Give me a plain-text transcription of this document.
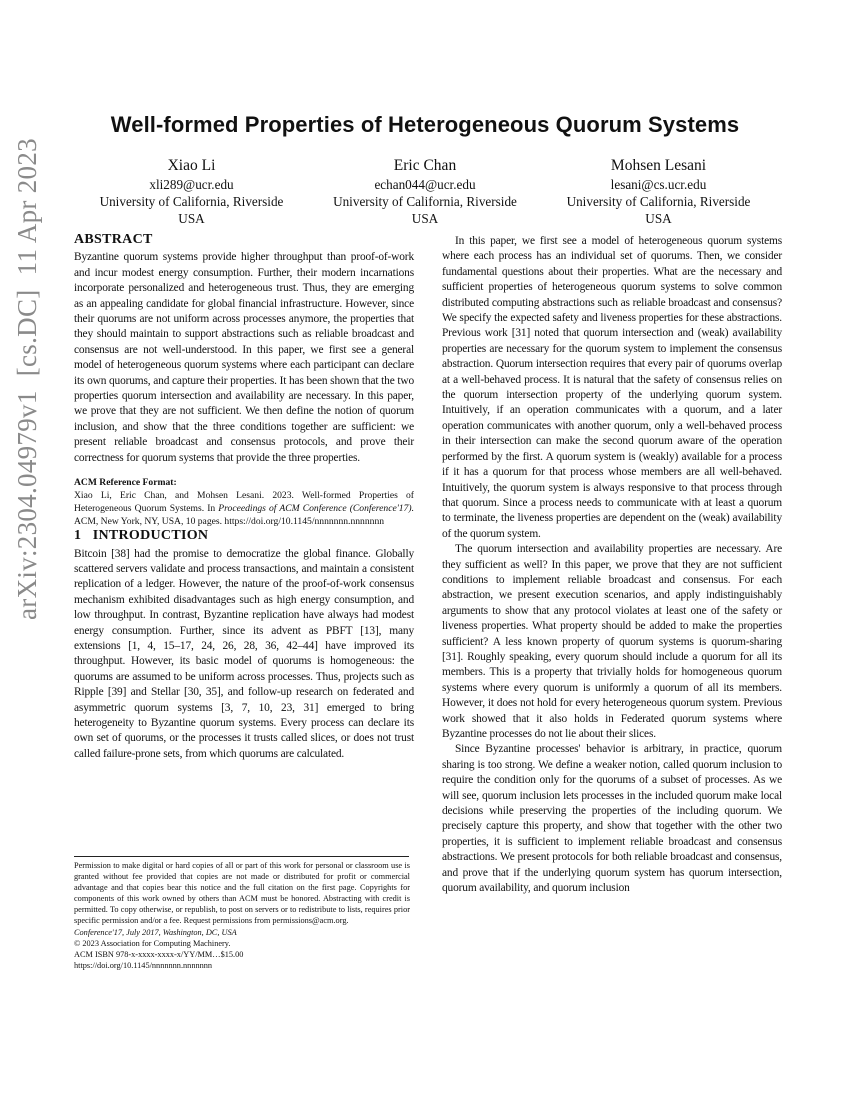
arXiv:2304.04979v1  [cs.DC]  11 Apr 2023
Well-formed Properties of Heterogeneous Quorum Systems
Xiao Li
xli289@ucr.edu
University of California, Riverside
USA
Eric Chan
echan044@ucr.edu
University of California, Riverside
USA
Mohsen Lesani
lesani@cs.ucr.edu
University of California, Riverside
USA
ABSTRACT

Byzantine quorum systems provide higher throughput than proof-of-work and incur modest energy consumption. Further, their modern incarnations incorporate personalized and heterogeneous trust. Thus, they are emerging as an appealing candidate for global financial infrastructure. However, since their quorums are not uniform across processes anymore, the properties that they should maintain to support abstractions such as reliable broadcast and consensus are not well-understood. In this paper, we first see a general model of heterogeneous quorum systems where each participant can declare its own quorums, and capture their properties. It has been shown that the two properties quorum intersection and availability are necessary. In this paper, we prove that they are not sufficient. We then define the notion of quorum inclusion, and show that the three conditions together are sufficient: we present reliable broadcast and consensus protocols, and prove their correctness for quorum systems that provide the three properties.

ACM Reference Format:
Xiao Li, Eric Chan, and Mohsen Lesani. 2023. Well-formed Properties of Heterogeneous Quorum Systems. In Proceedings of ACM Conference (Conference'17). ACM, New York, NY, USA, 10 pages. https://doi.org/10.1145/nnnnnnn.nnnnnnn
1 INTRODUCTION

Bitcoin [38] had the promise to democratize the global finance. Globally scattered servers validate and process transactions, and maintain a consistent replication of a ledger. However, the nature of the proof-of-work consensus mechanism exhibited disadvantages such as high energy consumption, and low throughput. In contrast, Byzantine replication have always had modest energy consumption. Further, since its advent as PBFT [13], many extensions [1, 4, 15–17, 24, 26, 28, 36, 42–44] have improved its throughput. However, its basic model of quorums is homogeneous: the quorums are assumed to be uniform across processes. Thus, projects such as Ripple [39] and Stellar [30, 35], and follow-up research on federated and asymmetric quorum systems [3, 7, 10, 23, 31] emerged to bring heterogeneity to Byzantine quorum systems. Every process can declare its own set of quorums, or the processes it trusts called slices, or does not trust called failure-prone sets, from which quorums are calculated.

Permission to make digital or hard copies of all or part of this work for personal or classroom use is granted without fee provided that copies are not made or distributed for profit or commercial advantage and that copies bear this notice and the full citation on the first page. Copyrights for components of this work owned by others than ACM must be honored. Abstracting with credit is permitted. To copy otherwise, or republish, to post on servers or to redistribute to lists, requires prior specific permission and/or a fee. Request permissions from permissions@acm.org.
Conference'17, July 2017, Washington, DC, USA
© 2023 Association for Computing Machinery.
ACM ISBN 978-x-xxxx-xxxx-x/YY/MM…$15.00
https://doi.org/10.1145/nnnnnnn.nnnnnnn

In this paper, we first see a model of heterogeneous quorum systems where each process has an individual set of quorums. Then, we consider fundamental questions about their properties. What are the necessary and sufficient properties of heterogeneous quorum systems to solve common distributed computing abstractions such as reliable broadcast and consensus? We specify the expected safety and liveness properties for these abstractions. Previous work [31] noted that quorum intersection and (weak) availability properties are necessary for the quorum system to implement the consensus abstraction. Quorum intersection requires that every pair of quorums overlap at a well-behaved process. It is natural that the safety of consensus relies on the quorum intersection property of the underlying quorum system. Intuitively, if an operation communicates with a quorum, and a later operation communicates with another quorum, only a well-behaved process in their intersection can make the second quorum aware of the operation performed by the first. A quorum system is (weakly) available for a process if it has a quorum for that process whose members are all well-behaved. Intuitively, the quorum system is always responsive to that process through that quorum. Since a process needs to communicate with at least a quorum to terminate, the liveness properties are dependent on the (weak) availability of the quorum system.

The quorum intersection and availability properties are necessary. Are they sufficient as well? In this paper, we prove that they are not sufficient conditions to implement reliable broadcast and consensus. For each abstraction, we present execution scenarios, and apply indistinguishably arguments to show that any protocol violates at least one of the safety or liveness properties. What property should be added to make the properties sufficient? A less known property of quorum systems is quorum-sharing [31]. Roughly speaking, every quorum should include a quorum for all its members. This is a property that trivially holds for homogeneous quorum systems where every quorum is uniformly a quorum of all its members. However, it does not hold for every heterogeneous quorum system. Previous work showed that it also holds in Federated quorum systems where Byzantine processes do not lie about their slices.

Since Byzantine processes' behavior is arbitrary, in practice, quorum sharing is too strong. We define a weaker notion, called quorum inclusion to require the condition only for the quorums of a subset of processes. As we will see, quorum inclusion lets processes in the included quorum make local decisions while preserving the properties of the including quorum. We precisely capture this property, and show that together with the other two properties, it is sufficient to implement reliable broadcast and consensus abstractions. We present protocols for both reliable broadcast and consensus, and prove that if the underlying quorum system has quorum intersection, quorum availability, and quorum inclusion
